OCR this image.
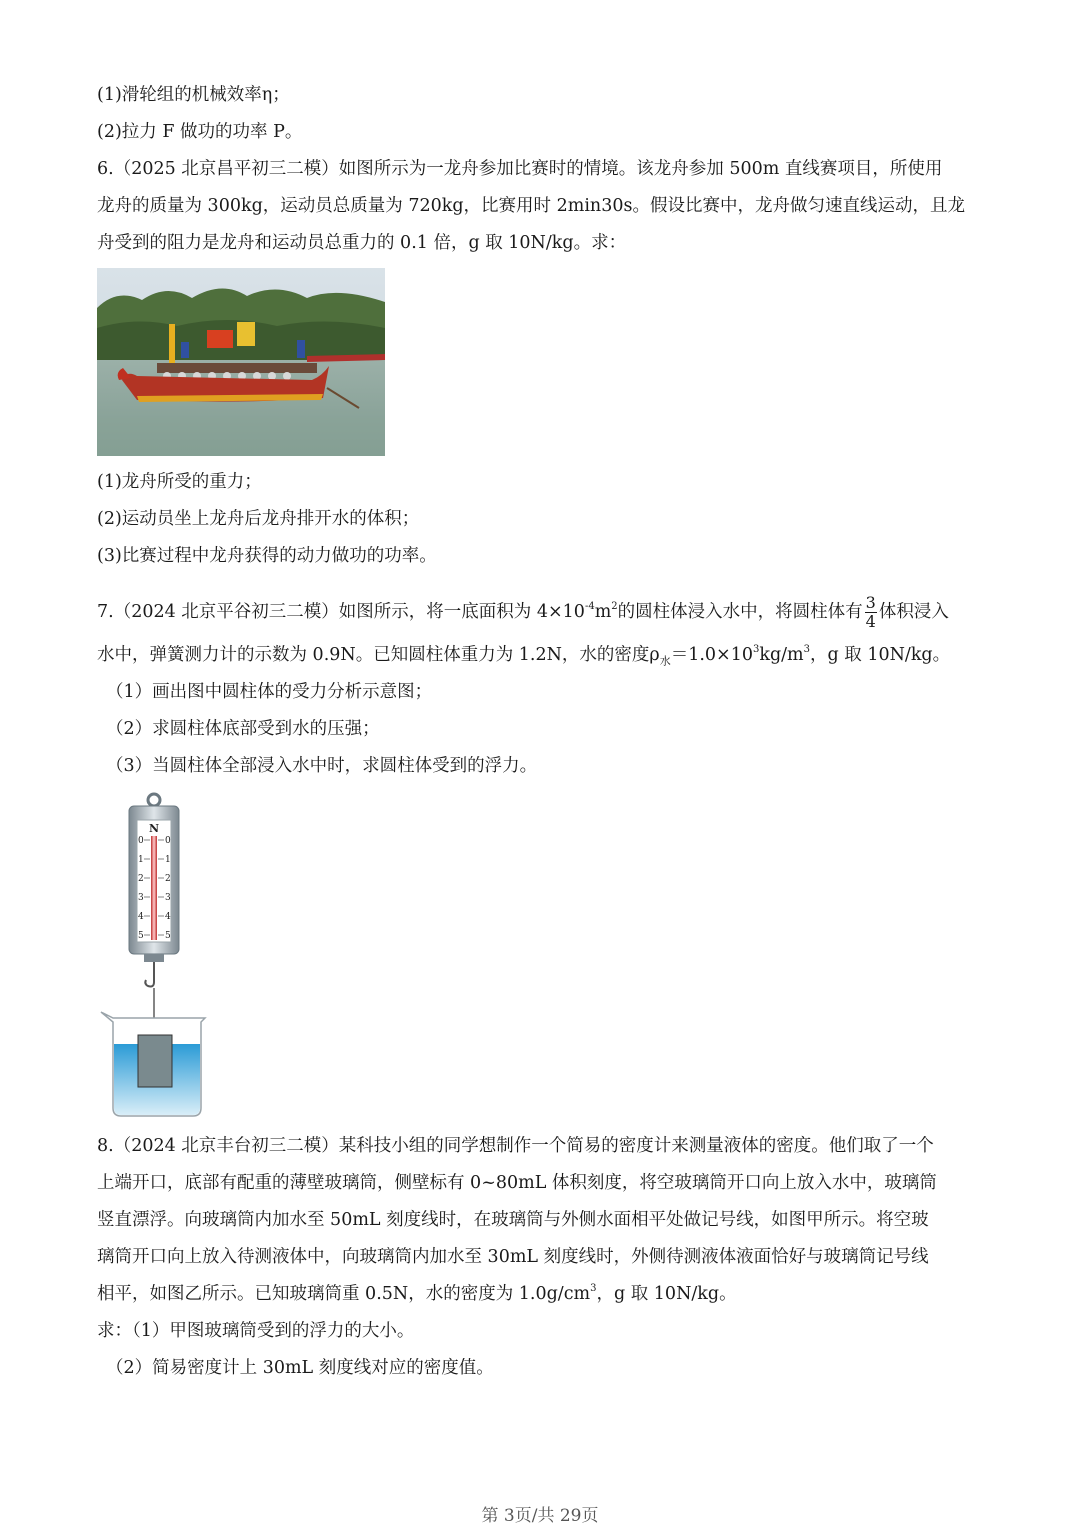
(1)滑轮组的机械效率η；
(2)拉力 F 做功的功率 P。
6.（2025 北京昌平初三二模）如图所示为一龙舟参加比赛时的情境。该龙舟参加 500m 直线赛项目，所使用
龙舟的质量为 300kg，运动员总质量为 720kg，比赛用时 2min30s。假设比赛中，龙舟做匀速直线运动，且龙
舟受到的阻力是龙舟和运动员总重力的 0.1 倍，g 取 10N/kg。求：
(1)龙舟所受的重力；
(2)运动员坐上龙舟后龙舟排开水的体积；
(3)比赛过程中龙舟获得的动力做功的功率。
7.（2024 北京平谷初三二模）如图所示，将一底面积为 $4\times 10^{-4}m^2$的圆柱体浸入水中，将圆柱体有 $\frac{3}{4}$ 体积浸入
水中，弹簧测力计的示数为 0.9N。已知圆柱体重力为 1.2N，水的密度$\rho_水=1.0\times 10^3kg/m^3$，g 取 10N/kg。
（1）画出图中圆柱体的受力分析示意图；
（2）求圆柱体底部受到水的压强；
（3）当圆柱体全部浸入水中时，求圆柱体受到的浮力。
N
0 0
1 1
2 2
3 3
4 4
5 5
8.（2024 北京丰台初三二模）某科技小组的同学想制作一个简易的密度计来测量液体的密度。他们取了一个
上端开口，底部有配重的薄壁玻璃筒，侧壁标有 0~80mL 体积刻度，将空玻璃筒开口向上放入水中，玻璃筒
竖直漂浮。向玻璃筒内加水至 50mL 刻度线时，在玻璃筒与外侧水面相平处做记号线，如图甲所示。将空玻
璃筒开口向上放入待测液体中，向玻璃筒内加水至 30mL 刻度线时，外侧待测液体液面恰好与玻璃筒记号线
相平，如图乙所示。已知玻璃筒重 0.5N，水的密度为 $1.0g/cm^3$，g 取 10N/kg。
求：（1）甲图玻璃筒受到的浮力的大小。
（2）简易密度计上 30mL 刻度线对应的密度值。
第 3页/共 29页
